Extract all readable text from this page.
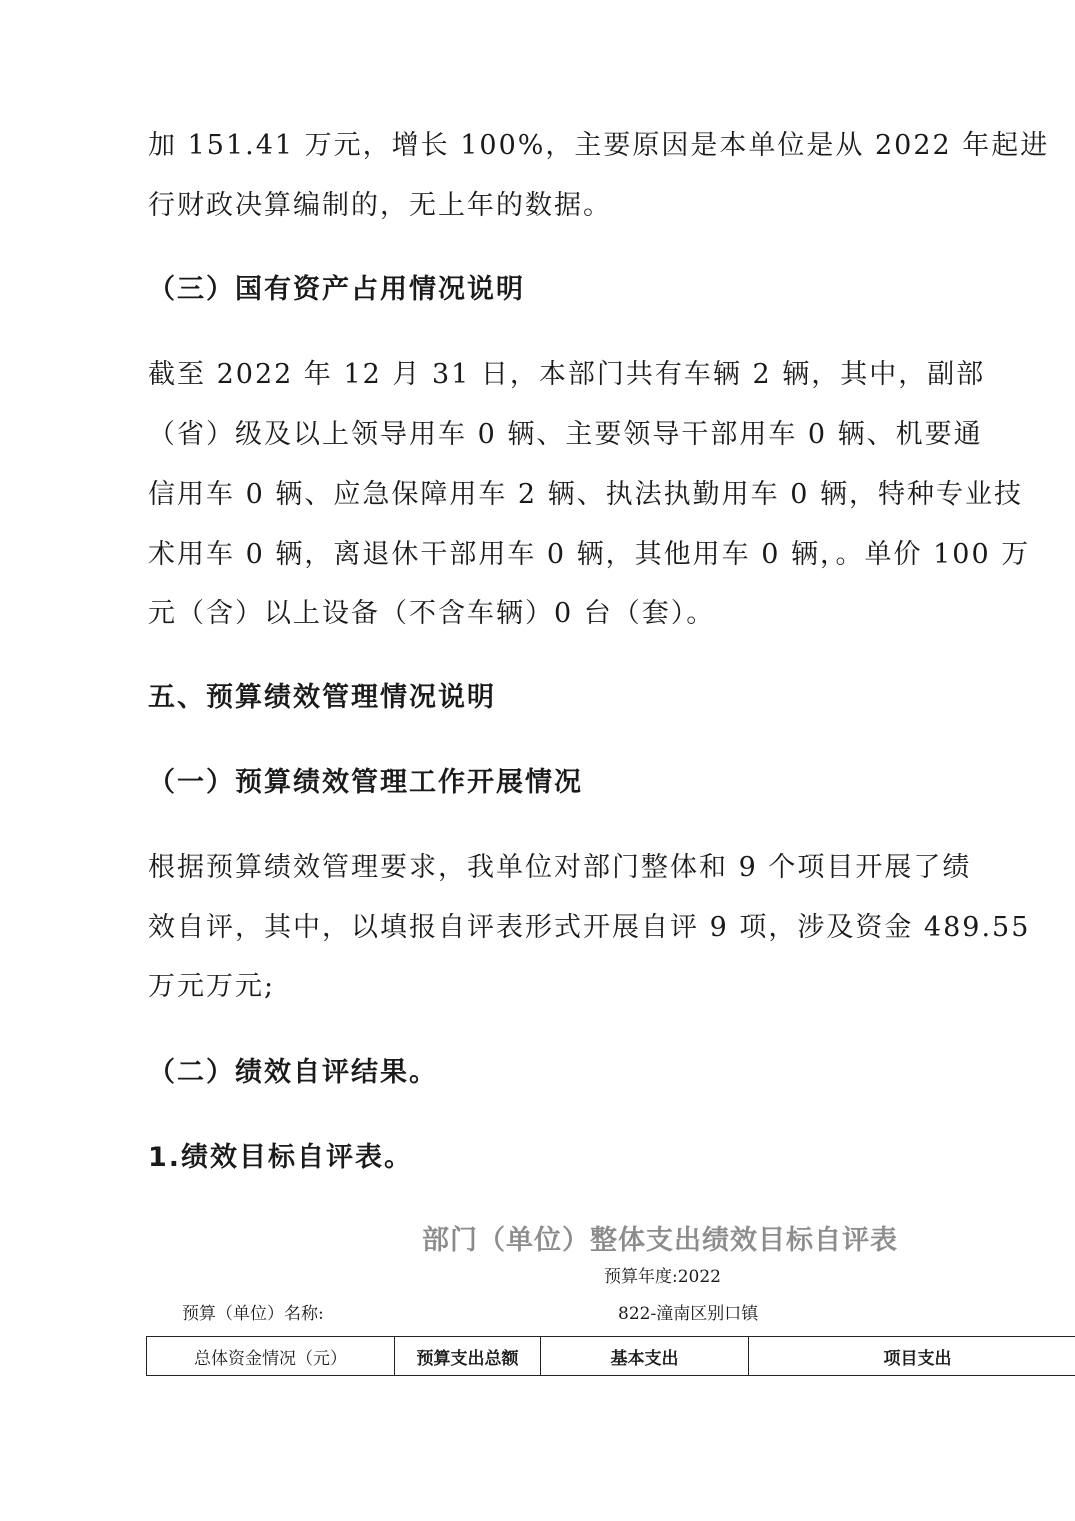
加 151.41 万元，增长 100%，主要原因是本单位是从 2022 年起进
行财政决算编制的，无上年的数据。
（三）国有资产占用情况说明
截至 2022 年 12 月 31 日，本部门共有车辆 2 辆，其中，副部
（省）级及以上领导用车 0 辆、主要领导干部用车 0 辆、机要通
信用车 0 辆、应急保障用车 2 辆、执法执勤用车 0 辆，特种专业技
术用车 0 辆，离退休干部用车 0 辆，其他用车 0 辆，。单价 100 万
元（含）以上设备（不含车辆）0 台（套）。
五、预算绩效管理情况说明
（一）预算绩效管理工作开展情况
根据预算绩效管理要求，我单位对部门整体和 9 个项目开展了绩
效自评，其中，以填报自评表形式开展自评 9 项，涉及资金 489.55
万元万元;
（二）绩效自评结果。
1.绩效目标自评表。
部门（单位）整体支出绩效目标自评表
预算年度:2022
预算（单位）名称:	822-潼南区别口镇
总体资金情况（元）	预算支出总额	基本支出	项目支出
